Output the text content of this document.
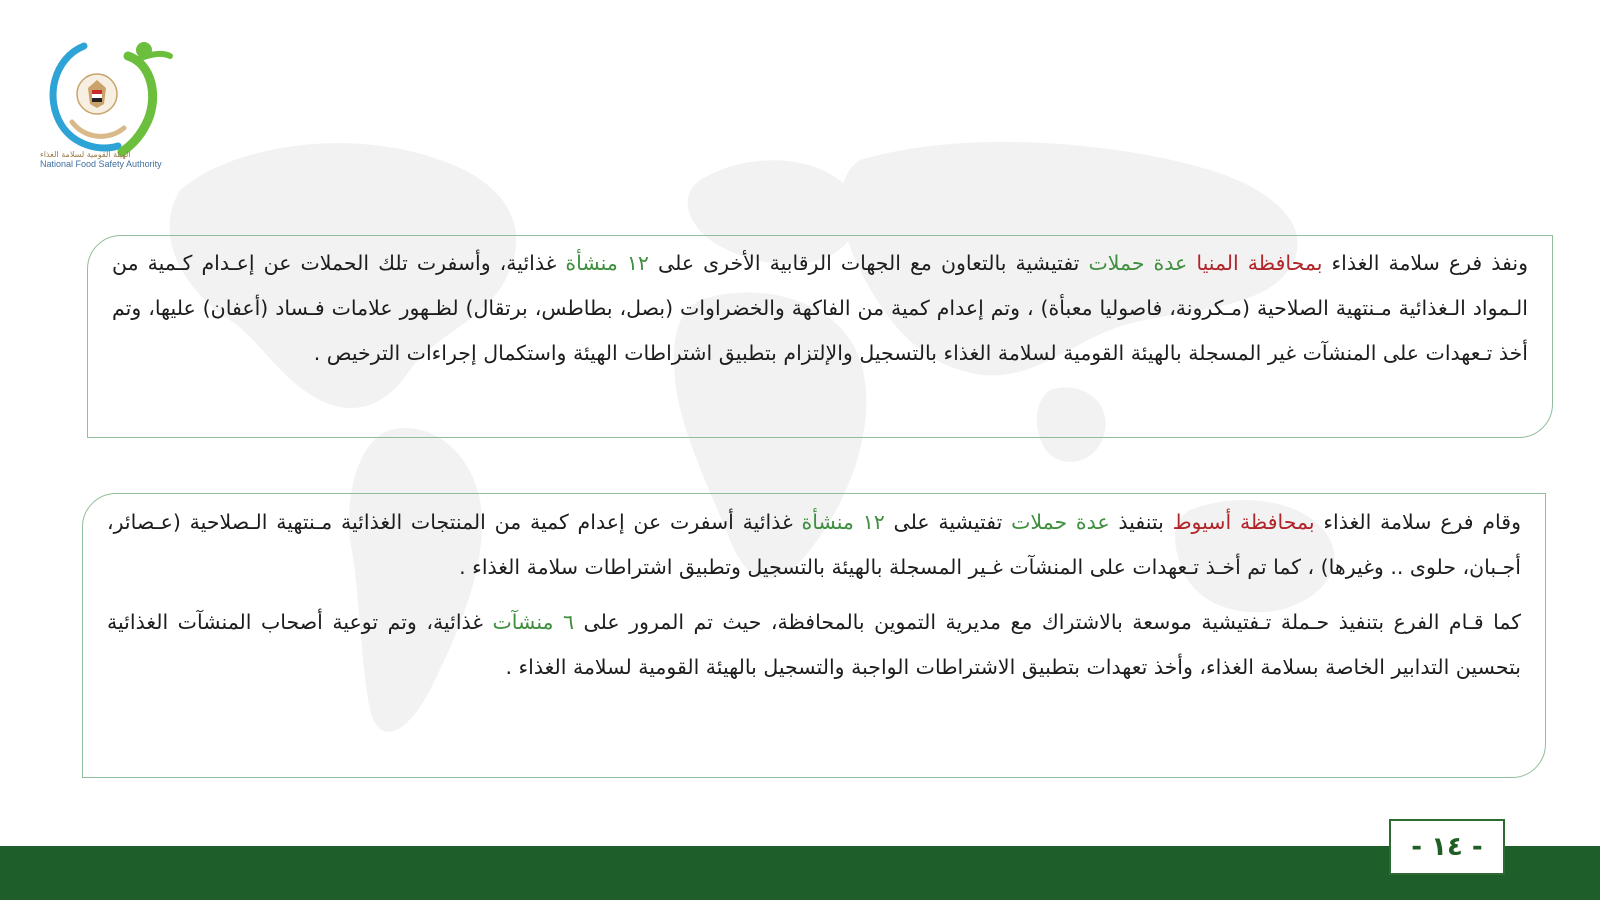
NFSA
الهيئة القومية لسلامة الغذاء
National Food Safety Authority

ونفذ فرع سلامة الغذاء بمحافظة المنيا عدة حملات تفتيشية بالتعاون مع الجهات الرقابية الأخرى على ١٢ منشأة غذائية، وأسفرت تلك الحملات عن إعـدام كـمية من الـمواد الـغذائية مـنتهية الصلاحية (مـكرونة، فاصوليا معبأة) ، وتم إعدام كمية من الفاكهة والخضراوات (بصل، بطاطس، برتقال) لظـهور علامات فـساد (أعفان) عليها، وتم أخذ تـعهدات على المنشآت غير المسجلة بالهيئة القومية لسلامة الغذاء بالتسجيل والإلتزام بتطبيق اشتراطات الهيئة واستكمال إجراءات الترخيص .

وقام فرع سلامة الغذاء بمحافظة أسيوط بتنفيذ عدة حملات تفتيشية على ١٢ منشأة غذائية أسفرت عن إعدام كمية من المنتجات الغذائية مـنتهية الـصلاحية (عـصائر، أجـبان، حلوى .. وغيرها) ، كما تم أخـذ تـعهدات على المنشآت غـير المسجلة بالهيئة بالتسجيل وتطبيق اشتراطات سلامة الغذاء .

كما قـام الفرع بتنفيذ حـملة تـفتيشية موسعة بالاشتراك مع مديرية التموين بالمحافظة، حيث تم المرور على ٦ منشآت غذائية، وتم توعية أصحاب المنشآت الغذائية بتحسين التدابير الخاصة بسلامة الغذاء، وأخذ تعهدات بتطبيق الاشتراطات الواجبة والتسجيل بالهيئة القومية لسلامة الغذاء .

- ١٤ -
